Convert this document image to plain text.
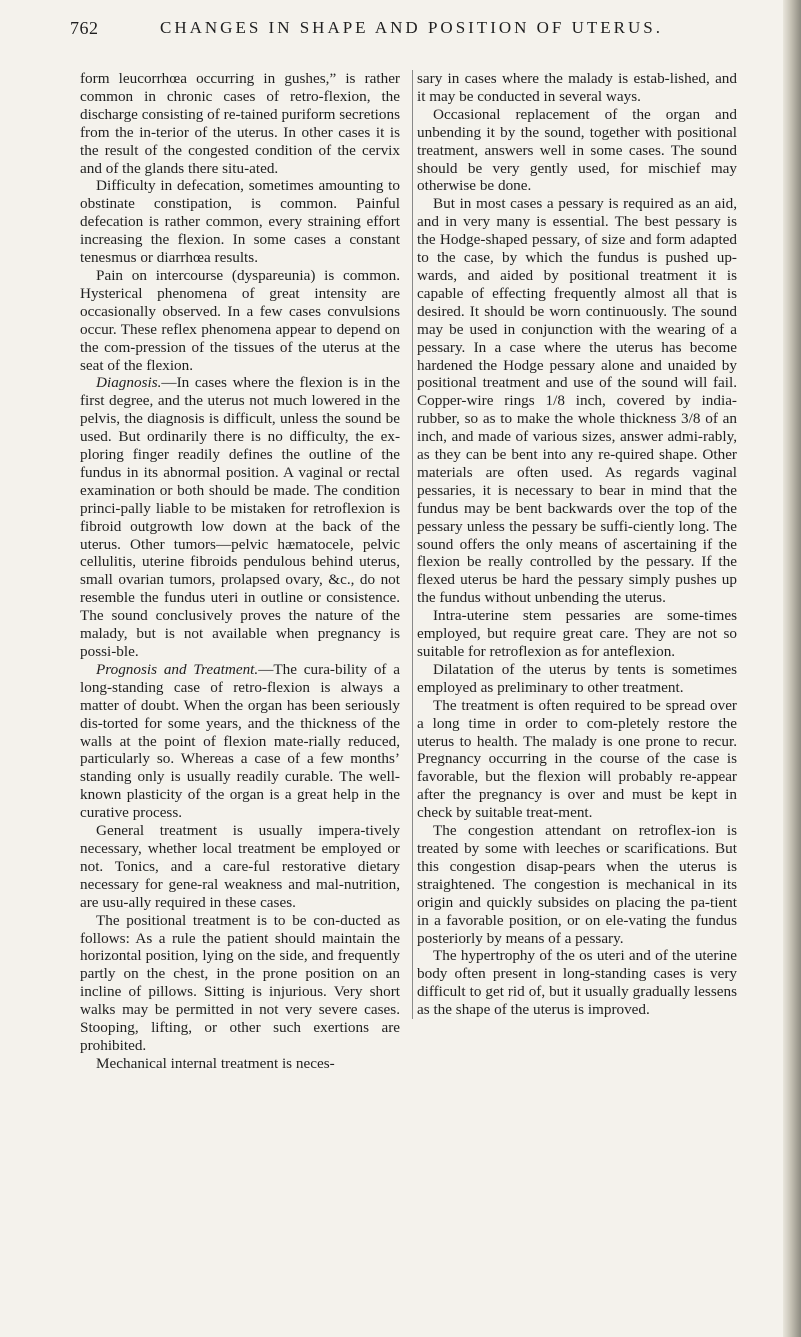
762	CHANGES IN SHAPE AND POSITION OF UTERUS.

form leucorrhœa occurring in gushes,” is rather common in chronic cases of retro-flexion, the discharge consisting of re-tained puriform secretions from the in-terior of the uterus. In other cases it is the result of the congested condition of the cervix and of the glands there situ-ated.

Difficulty in defecation, sometimes amounting to obstinate constipation, is common. Painful defecation is rather common, every straining effort increasing the flexion. In some cases a constant tenesmus or diarrhœa results.

Pain on intercourse (dyspareunia) is common. Hysterical phenomena of great intensity are occasionally observed. In a few cases convulsions occur. These reflex phenomena appear to depend on the com-pression of the tissues of the uterus at the seat of the flexion.

Diagnosis.—In cases where the flexion is in the first degree, and the uterus not much lowered in the pelvis, the diagnosis is difficult, unless the sound be used. But ordinarily there is no difficulty, the ex-ploring finger readily defines the outline of the fundus in its abnormal position. A vaginal or rectal examination or both should be made. The condition princi-pally liable to be mistaken for retroflexion is fibroid outgrowth low down at the back of the uterus. Other tumors—pelvic hæmatocele, pelvic cellulitis, uterine fibroids pendulous behind uterus, small ovarian tumors, prolapsed ovary, &c., do not resemble the fundus uteri in outline or consistence. The sound conclusively proves the nature of the malady, but is not available when pregnancy is possi-ble.

Prognosis and Treatment.—The cura-bility of a long-standing case of retro-flexion is always a matter of doubt. When the organ has been seriously dis-torted for some years, and the thickness of the walls at the point of flexion mate-rially reduced, particularly so. Whereas a case of a few months’ standing only is usually readily curable. The well-known plasticity of the organ is a great help in the curative process.

General treatment is usually impera-tively necessary, whether local treatment be employed or not. Tonics, and a care-ful restorative dietary necessary for gene-ral weakness and mal-nutrition, are usu-ally required in these cases.

The positional treatment is to be con-ducted as follows: As a rule the patient should maintain the horizontal position, lying on the side, and frequently partly on the chest, in the prone position on an incline of pillows. Sitting is injurious. Very short walks may be permitted in not very severe cases. Stooping, lifting, or other such exertions are prohibited.

Mechanical internal treatment is neces-

sary in cases where the malady is estab-lished, and it may be conducted in several ways.

Occasional replacement of the organ and unbending it by the sound, together with positional treatment, answers well in some cases. The sound should be very gently used, for mischief may otherwise be done.

But in most cases a pessary is required as an aid, and in very many is essential. The best pessary is the Hodge-shaped pessary, of size and form adapted to the case, by which the fundus is pushed up-wards, and aided by positional treatment it is capable of effecting frequently almost all that is desired. It should be worn continuously. The sound may be used in conjunction with the wearing of a pessary. In a case where the uterus has become hardened the Hodge pessary alone and unaided by positional treatment and use of the sound will fail. Copper-wire rings 1/8 inch, covered by india-rubber, so as to make the whole thickness 3/8 of an inch, and made of various sizes, answer admi-rably, as they can be bent into any re-quired shape. Other materials are often used. As regards vaginal pessaries, it is necessary to bear in mind that the fundus may be bent backwards over the top of the pessary unless the pessary be suffi-ciently long. The sound offers the only means of ascertaining if the flexion be really controlled by the pessary. If the flexed uterus be hard the pessary simply pushes up the fundus without unbending the uterus.

Intra-uterine stem pessaries are some-times employed, but require great care. They are not so suitable for retroflexion as for anteflexion.

Dilatation of the uterus by tents is sometimes employed as preliminary to other treatment.

The treatment is often required to be spread over a long time in order to com-pletely restore the uterus to health. The malady is one prone to recur. Pregnancy occurring in the course of the case is favorable, but the flexion will probably re-appear after the pregnancy is over and must be kept in check by suitable treat-ment.

The congestion attendant on retroflex-ion is treated by some with leeches or scarifications. But this congestion disap-pears when the uterus is straightened. The congestion is mechanical in its origin and quickly subsides on placing the pa-tient in a favorable position, or on ele-vating the fundus posteriorly by means of a pessary.

The hypertrophy of the os uteri and of the uterine body often present in long-standing cases is very difficult to get rid of, but it usually gradually lessens as the shape of the uterus is improved.
